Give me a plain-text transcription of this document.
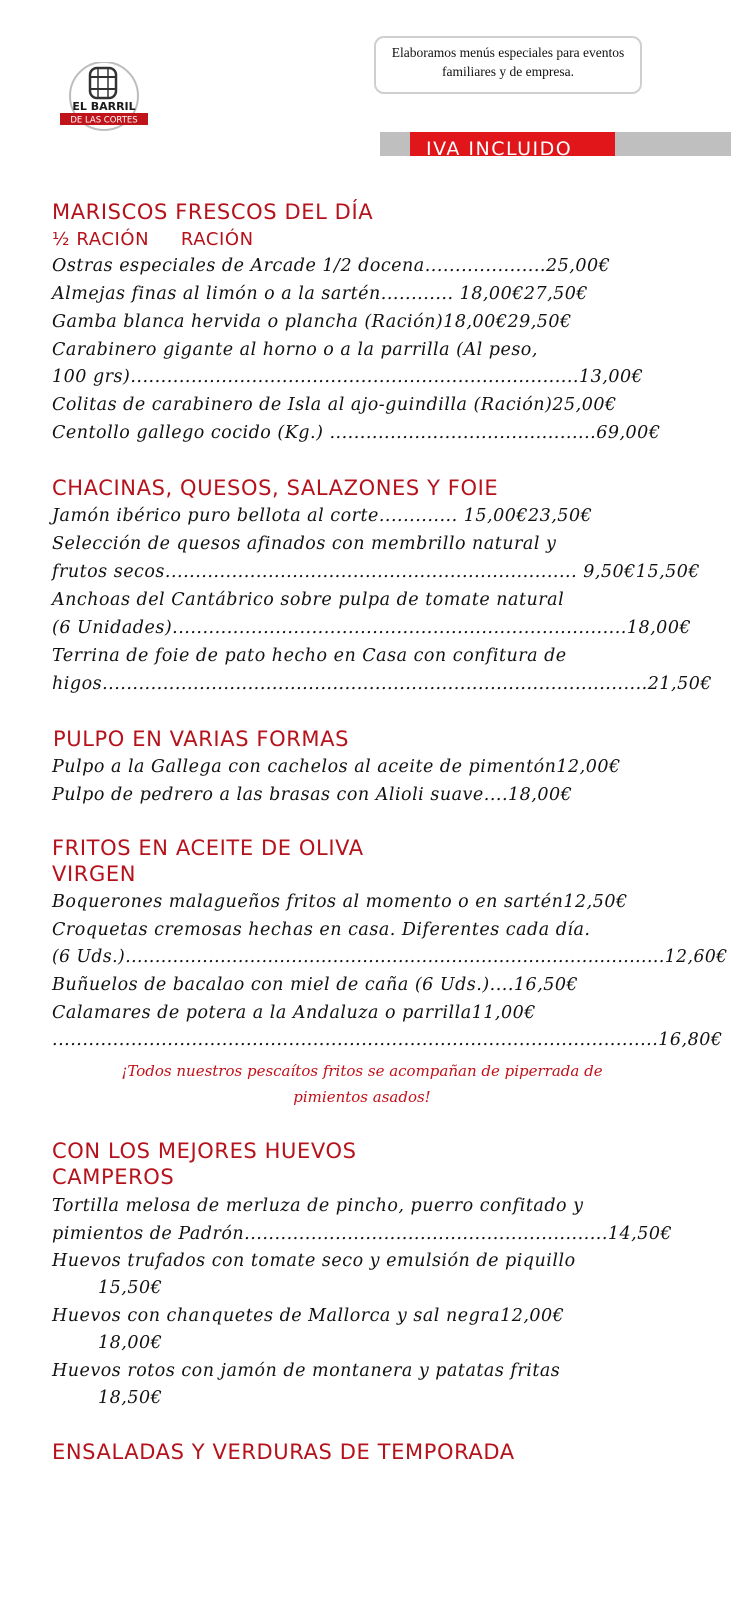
EL BARRIL
DE LAS CORTES
Elaboramos menús especiales para eventos familiares y de empresa.
IVA INCLUIDO
MARISCOS FRESCOS DEL DÍA
½ RACIÓN     RACIÓN
Ostras especiales de Arcade 1/2 docena....................25,00€
Almejas finas al limón o a la sartén............ 18,00€27,50€
Gamba blanca hervida o plancha (Ración)18,00€29,50€
Carabinero gigante al horno o a la parrilla (Al peso,
100 grs)..........................................................................13,00€
Colitas de carabinero de Isla al ajo-guindilla (Ración)25,00€
Centollo gallego cocido (Kg.) ............................................69,00€
CHACINAS, QUESOS, SALAZONES Y FOIE
Jamón ibérico puro bellota al corte............. 15,00€23,50€
Selección de quesos afinados con membrillo natural y
frutos secos.................................................................... 9,50€15,50€
Anchoas del Cantábrico sobre pulpa de tomate natural
(6 Unidades)...........................................................................18,00€
Terrina de foie de pato hecho en Casa con confitura de
higos..........................................................................................21,50€
PULPO EN VARIAS FORMAS
Pulpo a la Gallega con cachelos al aceite de pimentón12,00€
Pulpo de pedrero a las brasas con Alioli suave....18,00€
FRITOS EN ACEITE DE OLIVA
VIRGEN
Boquerones malagueños fritos al momento o en sartén12,50€
Croquetas cremosas hechas en casa. Diferentes cada día.
(6 Uds.)...........................................................................................12,60€
Buñuelos de bacalao con miel de caña (6 Uds.)....16,50€
Calamares de potera a la Andaluza o parrilla11,00€
....................................................................................................16,80€
¡Todos nuestros pescaítos fritos se acompañan de piperrada de
pimientos asados!
CON LOS MEJORES HUEVOS
CAMPEROS
Tortilla melosa de merluza de pincho, puerro confitado y
pimientos de Padrón............................................................14,50€
Huevos trufados con tomate seco y emulsión de piquillo
15,50€
Huevos con chanquetes de Mallorca y sal negra12,00€
18,00€
Huevos rotos con jamón de montanera y patatas fritas
18,50€
ENSALADAS Y VERDURAS DE TEMPORADA
